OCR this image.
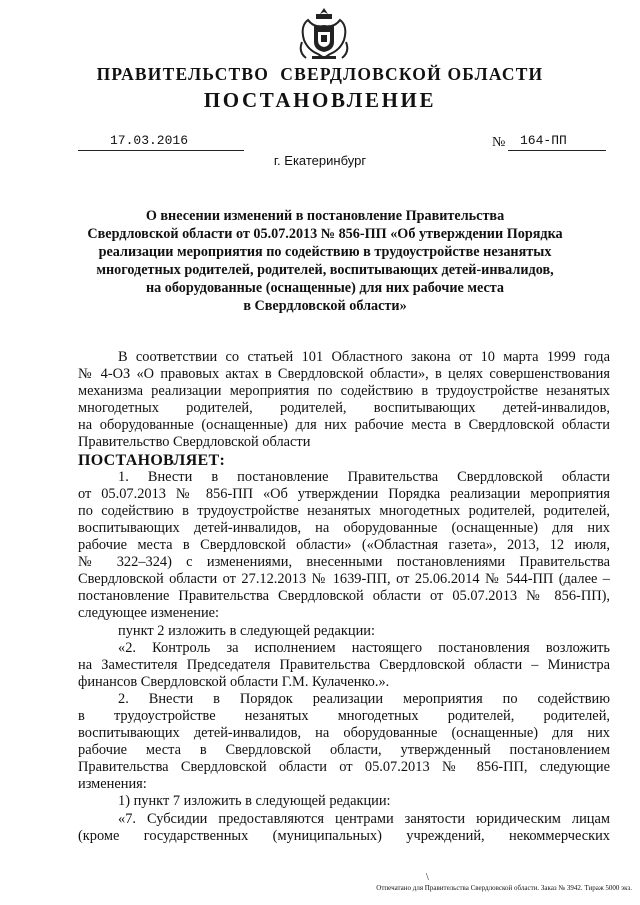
ПРАВИТЕЛЬСТВО  СВЕРДЛОВСКОЙ ОБЛАСТИ
ПОСТАНОВЛЕНИЕ
17.03.2016	№ 164-ПП
г. Екатеринбург
О внесении изменений в постановление Правительства
Свердловской области от 05.07.2013 № 856-ПП «Об утверждении Порядка
реализации мероприятия по содействию в трудоустройстве незанятых
многодетных родителей, родителей, воспитывающих детей-инвалидов,
на оборудованные (оснащенные) для них рабочие места
в Свердловской области»
В соответствии со статьей 101 Областного закона от 10 марта 1999 года
№ 4-ОЗ «О правовых актах в Свердловской области», в целях совершенствования
механизма реализации мероприятия по содействию в трудоустройстве незанятых
многодетных родителей, родителей, воспитывающих детей-инвалидов,
на оборудованные (оснащенные) для них рабочие места в Свердловской области
Правительство Свердловской области
ПОСТАНОВЛЯЕТ:
1. Внести в постановление Правительства Свердловской области
от 05.07.2013 № 856-ПП «Об утверждении Порядка реализации мероприятия
по содействию в трудоустройстве незанятых многодетных родителей, родителей,
воспитывающих детей-инвалидов, на оборудованные (оснащенные) для них
рабочие места в Свердловской области» («Областная газета», 2013, 12 июля,
№ 322–324) с изменениями, внесенными постановлениями Правительства
Свердловской области от 27.12.2013 № 1639-ПП, от 25.06.2014 № 544-ПП (далее –
постановление Правительства Свердловской области от 05.07.2013 № 856-ПП),
следующее изменение:
пункт 2 изложить в следующей редакции:
«2. Контроль за исполнением настоящего постановления возложить
на Заместителя Председателя Правительства Свердловской области – Министра
финансов Свердловской области Г.М. Кулаченко.».
2. Внести в Порядок реализации мероприятия по содействию
в трудоустройстве незанятых многодетных родителей, родителей,
воспитывающих детей-инвалидов, на оборудованные (оснащенные) для них
рабочие места в Свердловской области, утвержденный постановлением
Правительства Свердловской области от 05.07.2013 № 856-ПП, следующие
изменения:
1) пункт 7 изложить в следующей редакции:
«7. Субсидии предоставляются центрами занятости юридическим лицам
(кроме государственных (муниципальных) учреждений, некоммерческих
\
Отпечатано для Правительства Свердловской области. Заказ № 3942. Тираж 5000 экз.
